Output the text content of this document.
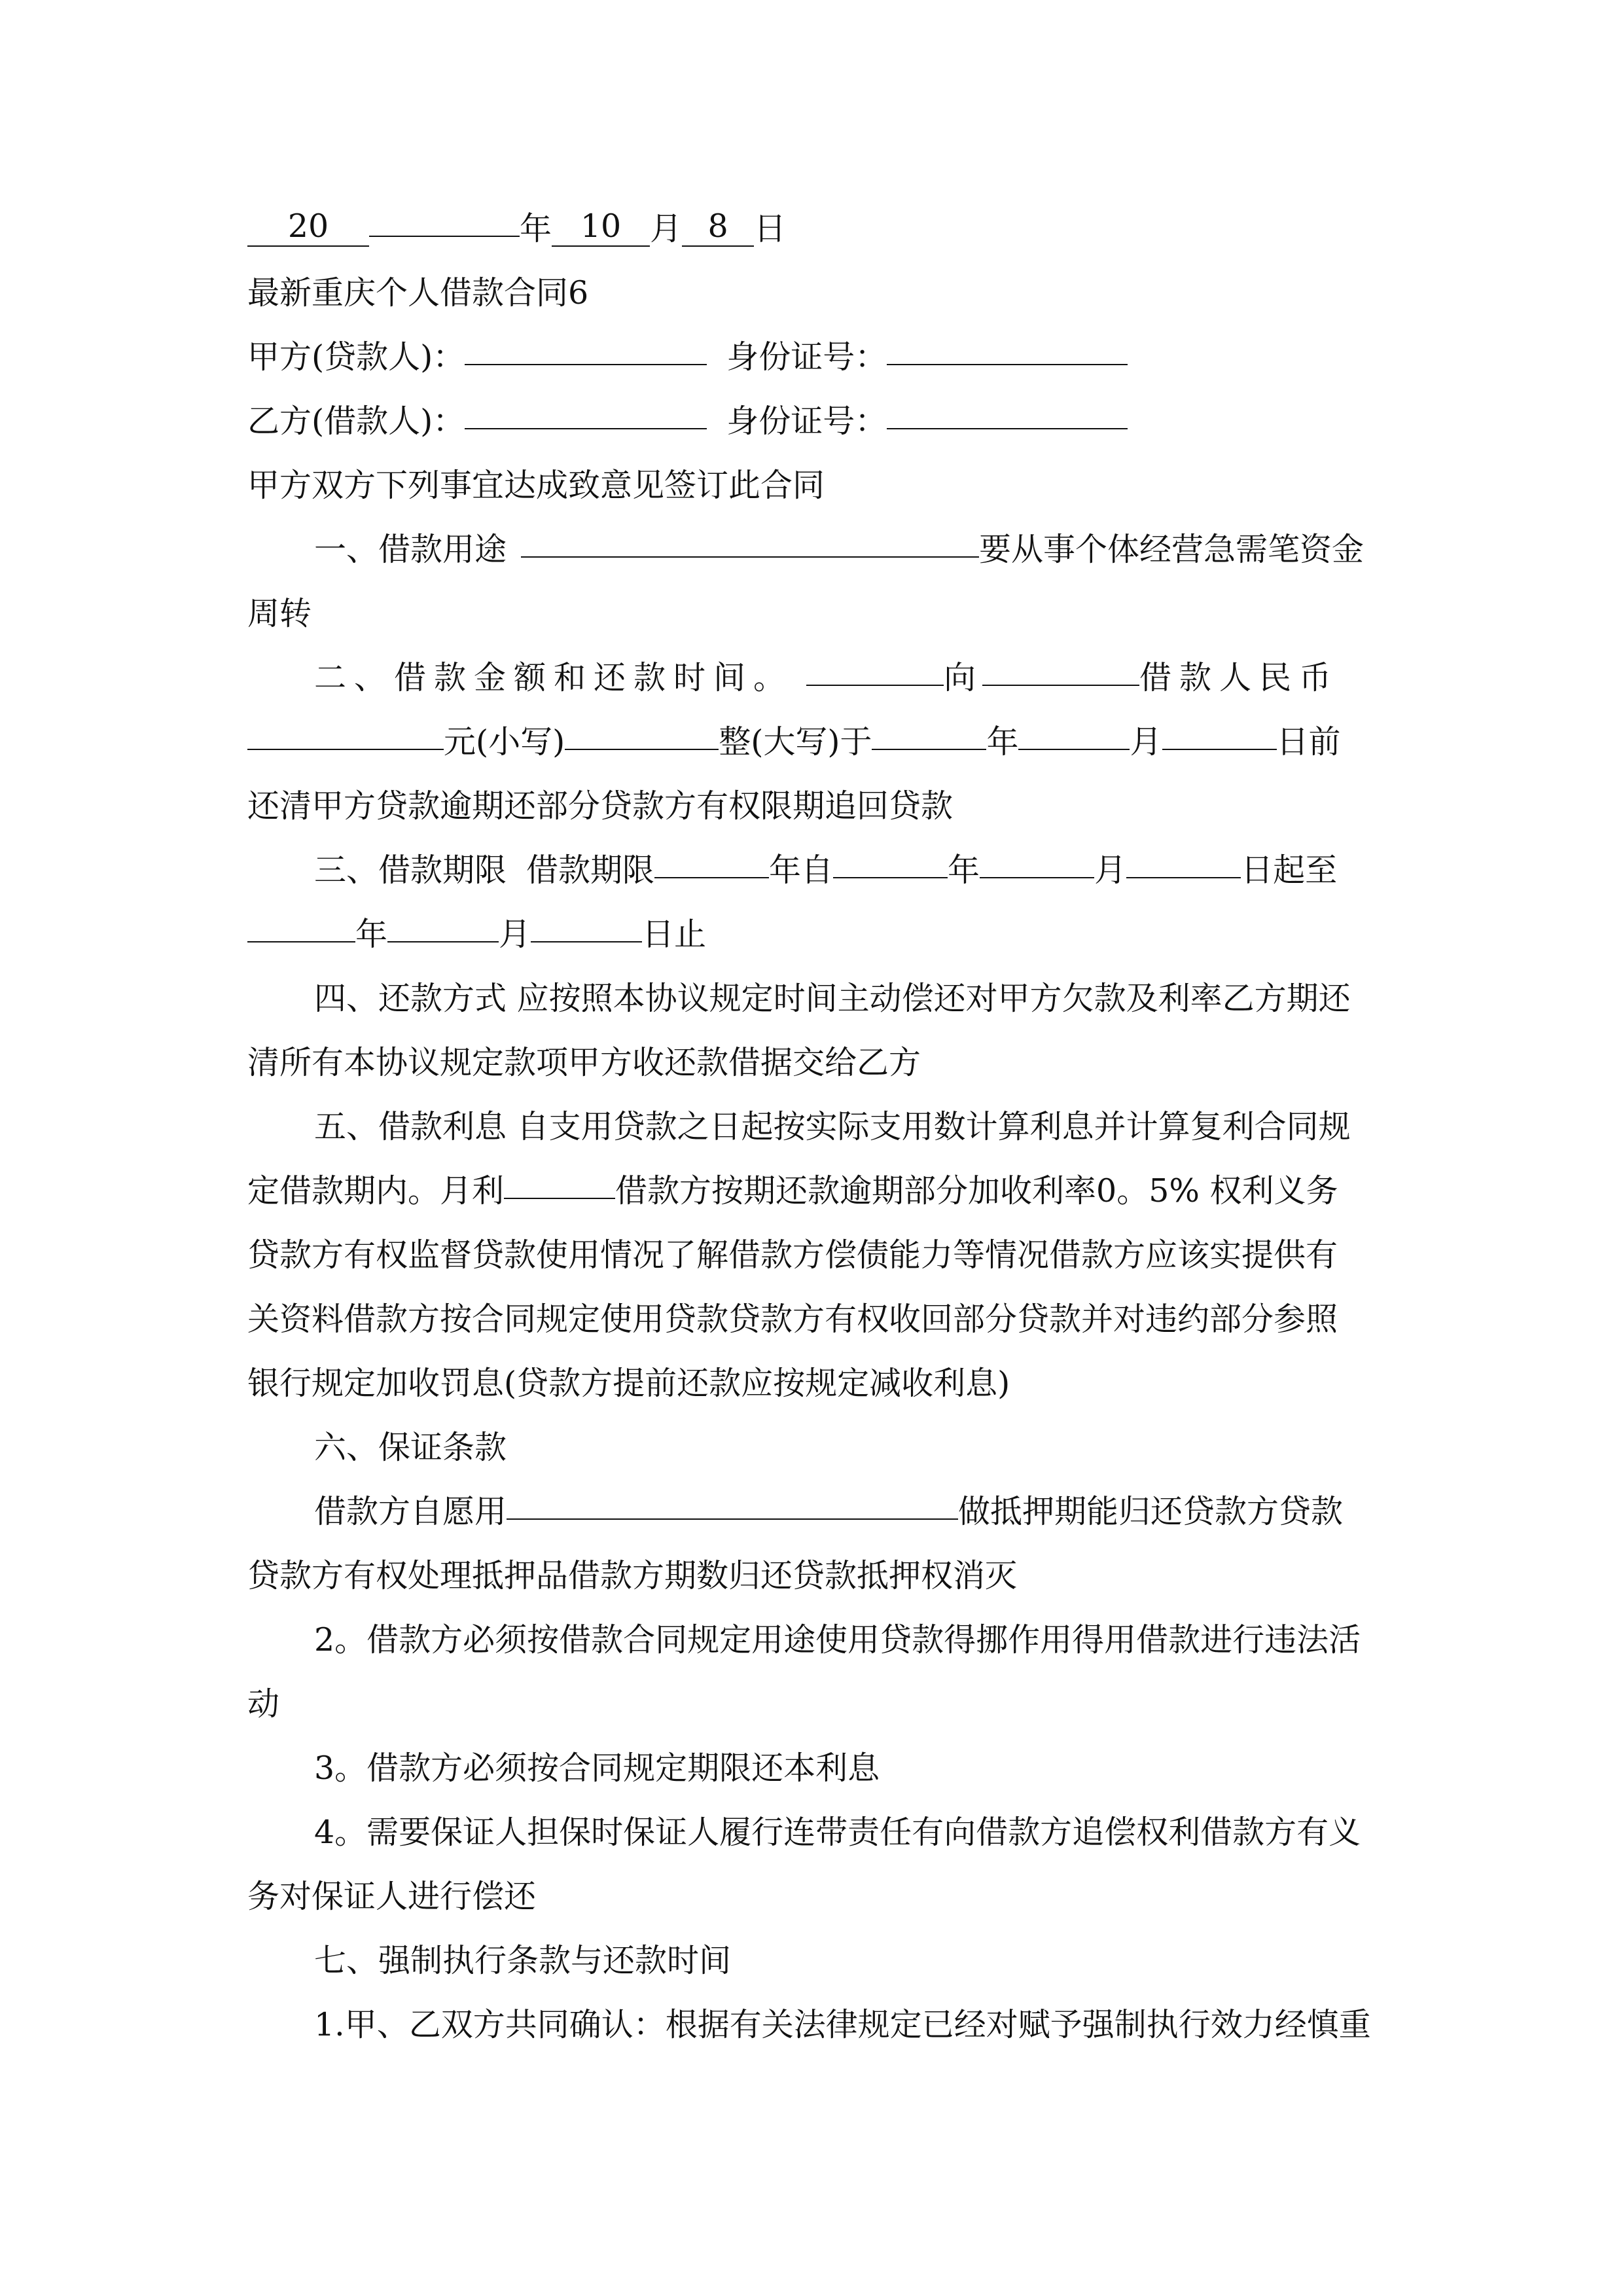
20	年 10 月 8 日
最新重庆个人借款合同6
甲方(贷款人)：	身份证号：
乙方(借款人)：	身份证号：
甲方双方下列事宜达成致意见签订此合同
一、借款用途	要从事个体经营急需笔资金
周转
二、借款金额和还款时间。	向	借款人民币
元(小写)	整(大写)于	年	月	日前
还清甲方贷款逾期还部分贷款方有权限期追回贷款
三、借款期限 借款期限	年自	年	月	日起至
年	月	日止
四、还款方式 应按照本协议规定时间主动偿还对甲方欠款及利率乙方期还
清所有本协议规定款项甲方收还款借据交给乙方
五、借款利息 自支用贷款之日起按实际支用数计算利息并计算复利合同规
定借款期内。月利	借款方按期还款逾期部分加收利率0。5% 权利义务
贷款方有权监督贷款使用情况了解借款方偿债能力等情况借款方应该实提供有
关资料借款方按合同规定使用贷款贷款方有权收回部分贷款并对违约部分参照
银行规定加收罚息(贷款方提前还款应按规定减收利息)
六、保证条款
借款方自愿用	做抵押期能归还贷款方贷款
贷款方有权处理抵押品借款方期数归还贷款抵押权消灭
2。借款方必须按借款合同规定用途使用贷款得挪作用得用借款进行违法活
动
3。借款方必须按合同规定期限还本利息
4。需要保证人担保时保证人履行连带责任有向借款方追偿权利借款方有义
务对保证人进行偿还
七、强制执行条款与还款时间
1.甲、乙双方共同确认：根据有关法律规定已经对赋予强制执行效力经慎重
